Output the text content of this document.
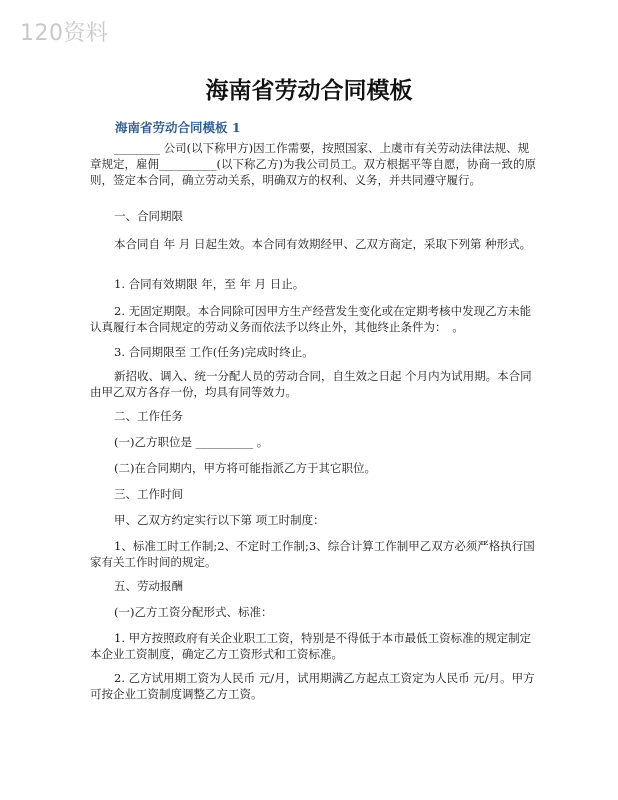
120资料
海南省劳动合同模板
海南省劳动合同模板 1

________ 公司(以下称甲方)因工作需要，按照国家、上虞市有关劳动法律法规、规章规定，雇佣__________(以下称乙方)为我公司员工。双方根据平等自愿，协商一致的原则，签定本合同，确立劳动关系，明确双方的权利、义务，并共同遵守履行。

一、合同期限

本合同自 年 月 日起生效。本合同有效期经甲、乙双方商定，采取下列第 种形式。

1. 合同有效期限 年，至 年 月 日止。

2. 无固定期限。本合同除可因甲方生产经营发生变化或在定期考核中发现乙方未能认真履行本合同规定的劳动义务而依法予以终止外，其他终止条件为：　。

3. 合同期限至 工作(任务)完成时终止。

新招收、调入、统一分配人员的劳动合同，自生效之日起 个月内为试用期。本合同由甲乙双方各存一份，均具有同等效力。

二、工作任务

(一)乙方职位是 __________ 。

(二)在合同期内，甲方将可能指派乙方于其它职位。

三、工作时间

甲、乙双方约定实行以下第 项工时制度：

1、标准工时工作制;2、不定时工作制;3、综合计算工作制甲乙双方必须严格执行国家有关工作时间的规定。

五、劳动报酬

(一)乙方工资分配形式、标准：

1. 甲方按照政府有关企业职工工资，特别是不得低于本市最低工资标准的规定制定本企业工资制度，确定乙方工资形式和工资标准。

2. 乙方试用期工资为人民币 元/月，试用期满乙方起点工资定为人民币 元/月。甲方可按企业工资制度调整乙方工资。
